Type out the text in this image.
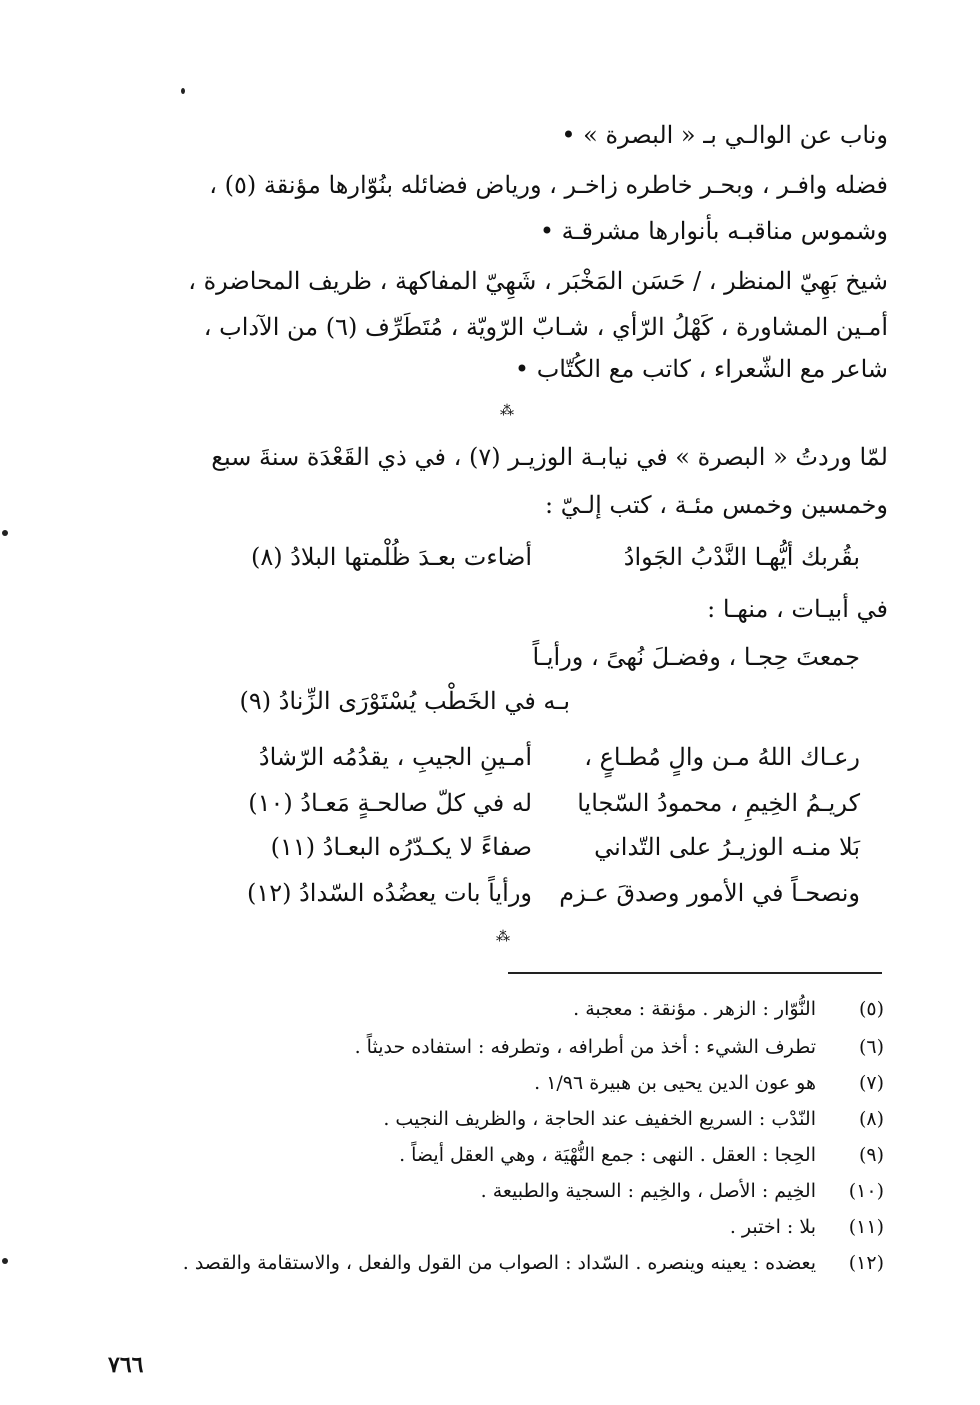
وناب عن الوالـي بـ « البصرة » •
فضله وافـر ، وبحـر خاطره زاخـر ، ورياض فضائله بنُوّارها مؤنقة (٥) ،
وشموس مناقبـه بأنوارها مشرقـة •
شيخ بَهِيّ المنظر ، / حَسَن المَخْبَر ، شَهِيّ المفاكهة ، ظريف المحاضرة ،
أمـين المشاورة ، كَهْلُ الرّأي ، شـابّ الرّويّة ، مُتَطَرِّف (٦) من الآداب ،
شاعر مع الشّعراء ، كاتب مع الكُتّاب •
⁂
لمّا وردتُ « البصرة » في نيابـة الوزيـر (٧) ، في ذي القَعْدَة سنةَ سبع
وخمسين وخمس مئـة ، كتب إلـيّ :
بقُربك أيُّهـا النَّدْبُ الجَوادُ
أضاءت بعـدَ ظُلْمتها البلادُ (٨)
في أبيـات ، منهـا :
جمعتَ حِجـا ، وفضـلَ نُهىً ، ورأيـاً
بـه في الخَطْب يُسْتَوْرَى الزِّنادُ (٩)
رعـاك اللهُ مـن والٍ مُطـاعٍ ،
أمـينِ الجيبِ ، يقدُمُه الرّشادُ
كريـمُ الخِيمِ ، محمودُ السّجايا
له في كلّ صالحـةٍ مَعـادُ (١٠)
بَلا منـه الوزيـرُ على التّداني
صفاءً لا يكـدّرُه البعـادُ (١١)
ونصحـاً في الأمور وصدقَ عـزم
ورأياً بات يعضُدُه السّدادُ (١٢)
⁂
(٥)
النُّوّار : الزهر . مؤنقة : معجبة .
(٦)
تطرف الشيء : أخذ من أطرافه ، وتطرفه : استفاده حديثاً .
(٧)
هو عون الدين يحيى بن هبيرة ١/٩٦ .
(٨)
النّدْب : السريع الخفيف عند الحاجة ، والظريف النجيب .
(٩)
الحِجا : العقل . النهى : جمع النُّهْيَة ، وهي العقل أيضاً .
(١٠)
الخِيم : الأصل ، والخِيم : السجية والطبيعة .
(١١)
بلا : اختبر .
(١٢)
يعضده : يعينه وينصره . السّداد : الصواب من القول والفعل ، والاستقامة والقصد .
٧٦٦
